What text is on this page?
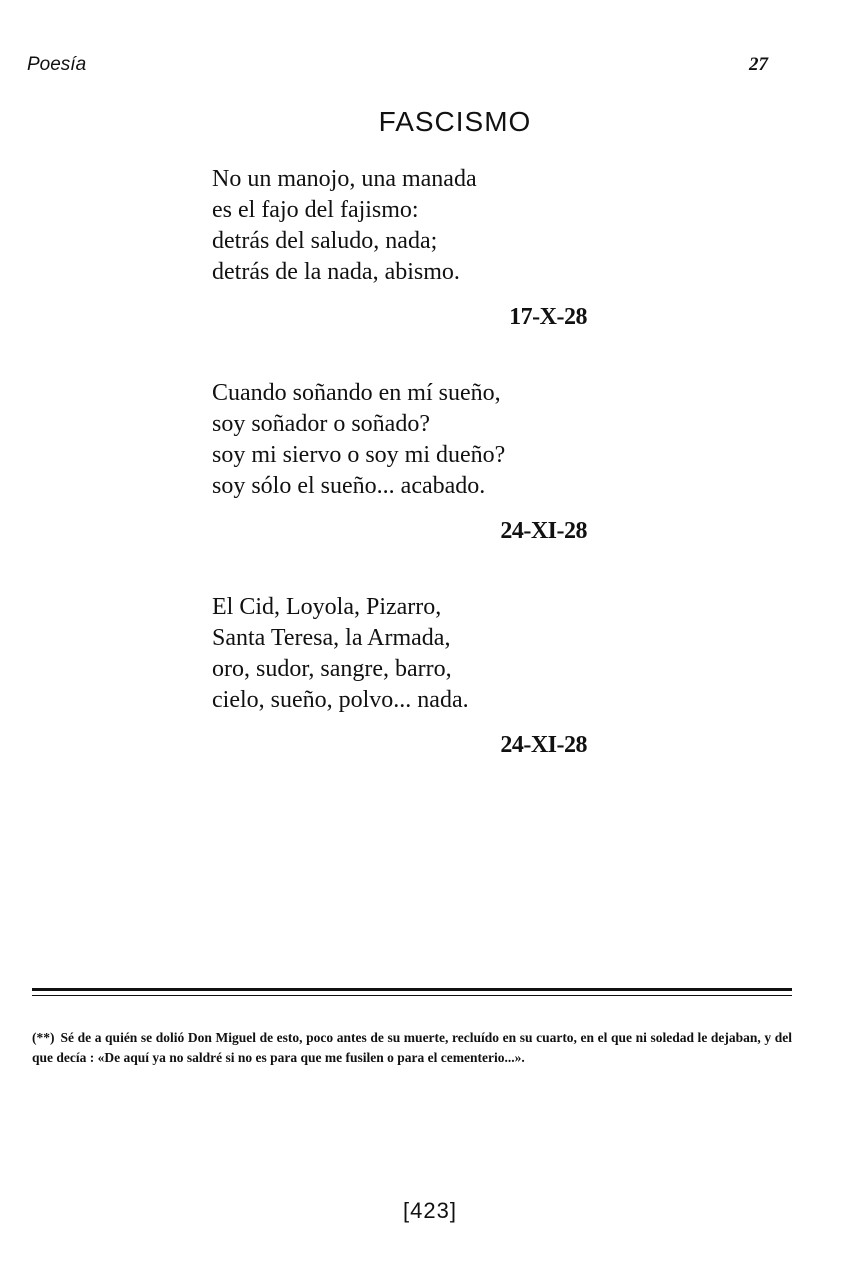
Poesía	27
FASCISMO
No un manojo, una manada
es el fajo del fajismo:
detrás del saludo, nada;
detrás de la nada, abismo.
17-X-28
Cuando soñando en mí sueño,
soy soñador o soñado?
soy mi siervo o soy mi dueño?
soy sólo el sueño... acabado.
24-XI-28
El Cid, Loyola, Pizarro,
Santa Teresa, la Armada,
oro, sudor, sangre, barro,
cielo, sueño, polvo... nada.
24-XI-28
(**) Sé de a quién se dolió Don Miguel de esto, poco antes de su muerte, recluído en su cuarto, en el que ni soledad le dejaban, y del que decía : «De aquí ya no saldré si no es para que me fusilen o para el cementerio...».
[423]
